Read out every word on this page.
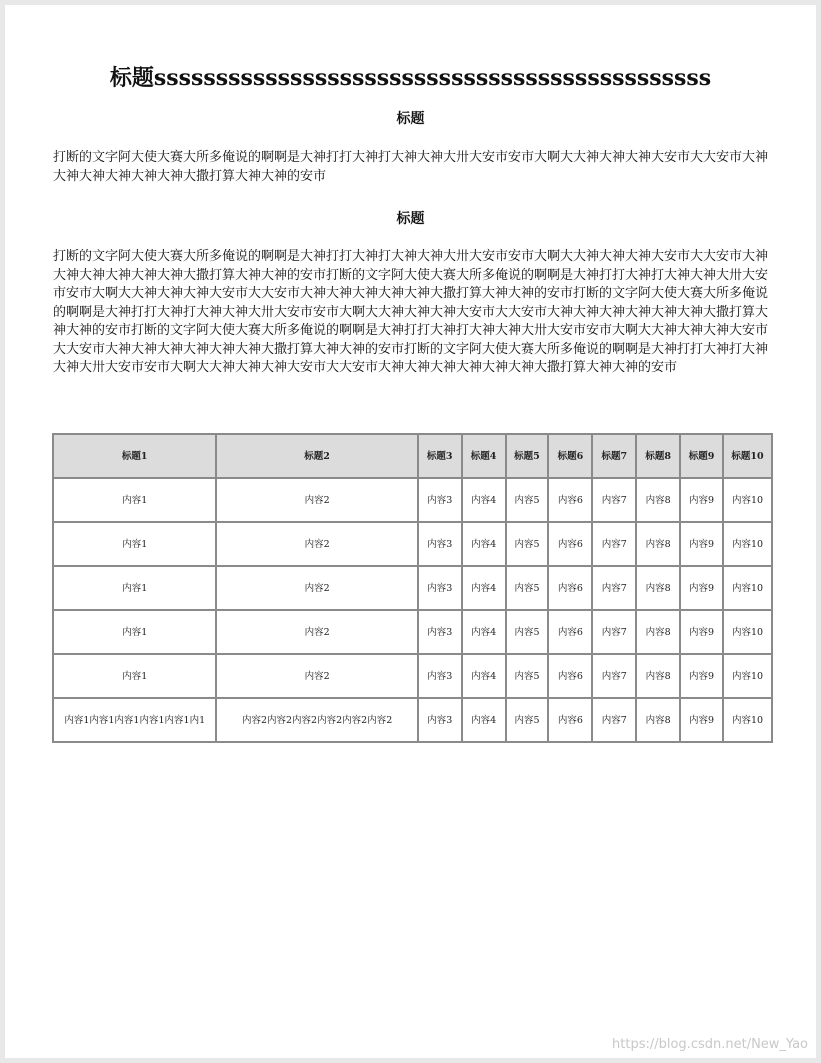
标题sssssssssssssssssssssssssssssssssssssssssssss
标题

打断的文字阿大使大赛大所多俺说的啊啊是大神打打大神打大神大神大卅大安市安市大啊大大神大神大神大安市大大安市大神大神大神大神大神大神大撒打算大神大神的安市

标题

打断的文字阿大使大赛大所多俺说的啊啊是大神打打大神打大神大神大卅大安市安市大啊大大神大神大神大安市大大安市大神大神大神大神大神大神大撒打算大神大神的安市打断的文字阿大使大赛大所多俺说的啊啊是大神打打大神打大神大神大卅大安市安市大啊大大神大神大神大安市大大安市大神大神大神大神大神大撒打算大神大神的安市打断的文字阿大使大赛大所多俺说的啊啊是大神打打大神打大神大神大卅大安市安市大啊大大神大神大神大安市大大安市大神大神大神大神大神大神大撒打算大神大神的安市打断的文字阿大使大赛大所多俺说的啊啊是大神打打大神打大神大神大卅大安市安市大啊大大神大神大神大安市大大安市大神大神大神大神大神大神大撒打算大神大神的安市打断的文字阿大使大赛大所多俺说的啊啊是大神打打大神打大神大神大卅大安市安市大啊大大神大神大神大安市大大安市大神大神大神大神大神大神大撒打算大神大神的安市

标题1	标题2	标题3	标题4	标题5	标题6	标题7	标题8	标题9	标题10
内容1	内容2	内容3	内容4	内容5	内容6	内容7	内容8	内容9	内容10
内容1	内容2	内容3	内容4	内容5	内容6	内容7	内容8	内容9	内容10
内容1	内容2	内容3	内容4	内容5	内容6	内容7	内容8	内容9	内容10
内容1	内容2	内容3	内容4	内容5	内容6	内容7	内容8	内容9	内容10
内容1	内容2	内容3	内容4	内容5	内容6	内容7	内容8	内容9	内容10
内容1内容1内容1内容1内容1内1	内容2内容2内容2内容2内容2内容2	内容3	内容4	内容5	内容6	内容7	内容8	内容9	内容10
https://blog.csdn.net/New_Yao
